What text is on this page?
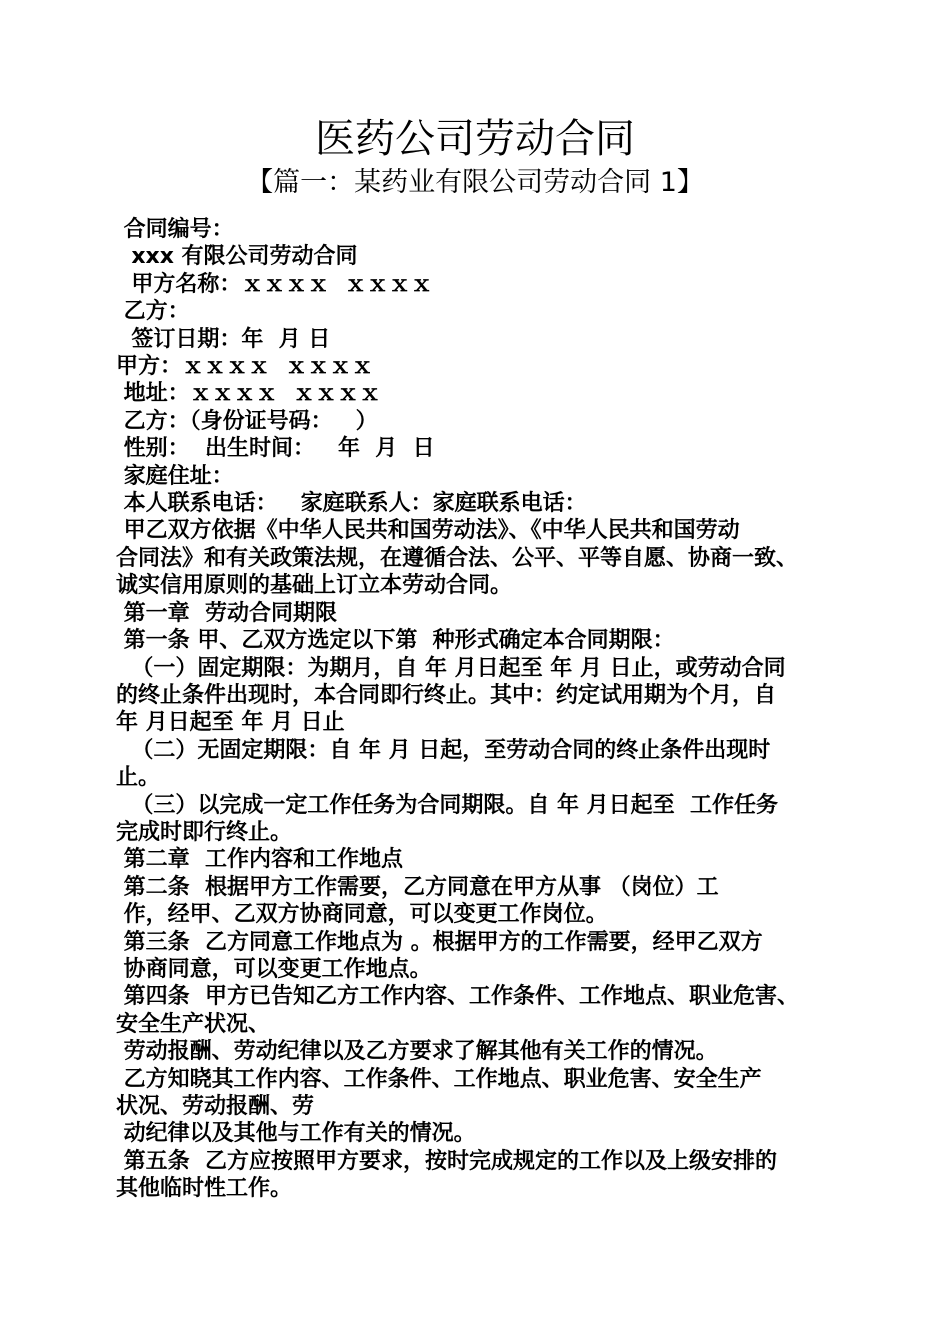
医药公司劳动合同
【篇一：某药业有限公司劳动合同 1】

合同编号：

xxx 有限公司劳动合同

甲方名称：ｘｘｘｘ  ｘｘｘｘ

乙方：

签订日期：年  月 日

甲方：ｘｘｘｘ  ｘｘｘｘ

地址：ｘｘｘｘ  ｘｘｘｘ

乙方：（身份证号码：   ）

性别：  出生时间：   年  月  日

家庭住址：

本人联系电话：   家庭联系人：家庭联系电话：

甲乙双方依据《中华人民共和国劳动法》、《中华人民共和国劳动

合同法》和有关政策法规，在遵循合法、公平、平等自愿、协商一致、

诚实信用原则的基础上订立本劳动合同。

第一章  劳动合同期限

第一条 甲、乙双方选定以下第  种形式确定本合同期限：

（一）固定期限：为期月，自 年 月日起至 年 月 日止，或劳动合同

的终止条件出现时，本合同即行终止。其中：约定试用期为个月，自

年 月日起至 年 月 日止

（二）无固定期限：自 年 月 日起，至劳动合同的终止条件出现时

止。

（三）以完成一定工作任务为合同期限。自 年 月日起至  工作任务

完成时即行终止。

第二章  工作内容和工作地点

第二条  根据甲方工作需要，乙方同意在甲方从事 （岗位）工

作，经甲、乙双方协商同意，可以变更工作岗位。

第三条  乙方同意工作地点为 。根据甲方的工作需要，经甲乙双方

协商同意，可以变更工作地点。

第四条  甲方已告知乙方工作内容、工作条件、工作地点、职业危害、

安全生产状况、

劳动报酬、劳动纪律以及乙方要求了解其他有关工作的情况。

乙方知晓其工作内容、工作条件、工作地点、职业危害、安全生产

状况、劳动报酬、劳

动纪律以及其他与工作有关的情况。

第五条  乙方应按照甲方要求，按时完成规定的工作以及上级安排的

其他临时性工作。
